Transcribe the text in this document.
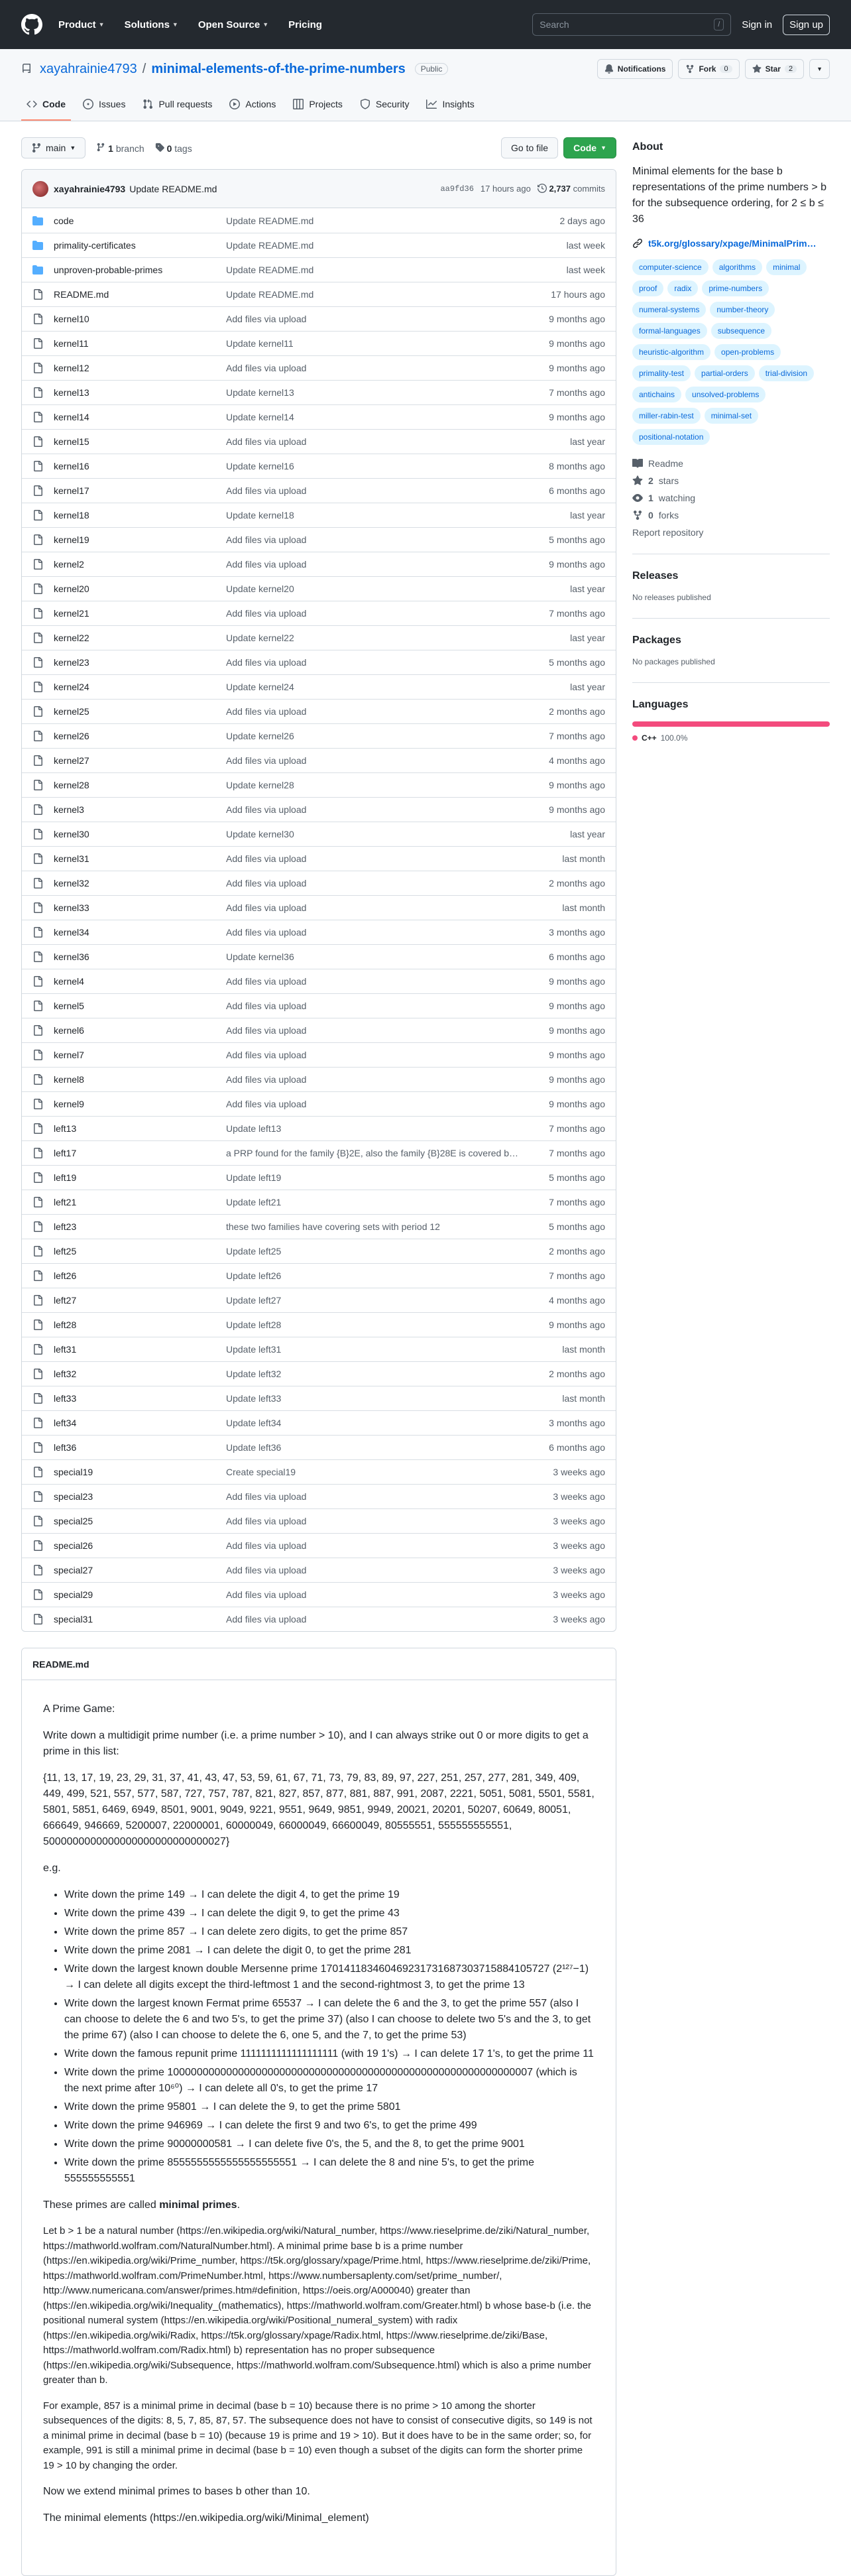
Product ▼ Solutions ▼ Open Source ▼ Pricing	Search	/	Sign in	Sign up
xayahrainie4793 / minimal-elements-of-the-prime-numbers	Public	Notifications	Fork	0	Star	2	▼
Code	Issues	Pull requests	Actions	Projects	Security	Insights
main ▼	1 branch	0 tags	Go to file	Code ▼
xayahrainie4793 Update README.md	aa9fd36 17 hours ago	2,737 commits
code	Update README.md	2 days ago
primality-certificates	Update README.md	last week
unproven-probable-primes	Update README.md	last week
README.md	Update README.md	17 hours ago
kernel10	Add files via upload	9 months ago
kernel11	Update kernel11	9 months ago
kernel12	Add files via upload	9 months ago
kernel13	Update kernel13	7 months ago
kernel14	Update kernel14	9 months ago
kernel15	Add files via upload	last year
kernel16	Update kernel16	8 months ago
kernel17	Add files via upload	6 months ago
kernel18	Update kernel18	last year
kernel19	Add files via upload	5 months ago
kernel2	Add files via upload	9 months ago
kernel20	Update kernel20	last year
kernel21	Add files via upload	7 months ago
kernel22	Update kernel22	last year
kernel23	Add files via upload	5 months ago
kernel24	Update kernel24	last year
kernel25	Add files via upload	2 months ago
kernel26	Update kernel26	7 months ago
kernel27	Add files via upload	4 months ago
kernel28	Update kernel28	9 months ago
kernel3	Add files via upload	9 months ago
kernel30	Update kernel30	last year
kernel31	Add files via upload	last month
kernel32	Add files via upload	2 months ago
kernel33	Add files via upload	last month
kernel34	Add files via upload	3 months ago
kernel36	Update kernel36	6 months ago
kernel4	Add files via upload	9 months ago
kernel5	Add files via upload	9 months ago
kernel6	Add files via upload	9 months ago
kernel7	Add files via upload	9 months ago
kernel8	Add files via upload	9 months ago
kernel9	Add files via upload	9 months ago
left13	Update left13	7 months ago
left17	a PRP found for the family {B}2E, also the family {B}28E is covered b…	7 months ago
left19	Update left19	5 months ago
left21	Update left21	7 months ago
left23	these two families have covering sets with period 12	5 months ago
left25	Update left25	2 months ago
left26	Update left26	7 months ago
left27	Update left27	4 months ago
left28	Update left28	9 months ago
left31	Update left31	last month
left32	Update left32	2 months ago
left33	Update left33	last month
left34	Update left34	3 months ago
left36	Update left36	6 months ago
special19	Create special19	3 weeks ago
special23	Add files via upload	3 weeks ago
special25	Add files via upload	3 weeks ago
special26	Add files via upload	3 weeks ago
special27	Add files via upload	3 weeks ago
special29	Add files via upload	3 weeks ago
special31	Add files via upload	3 weeks ago
README.md

A Prime Game:

Write down a multidigit prime number (i.e. a prime number > 10), and I can always strike out 0 or more digits to get a prime in this list:

{11, 13, 17, 19, 23, 29, 31, 37, 41, 43, 47, 53, 59, 61, 67, 71, 73, 79, 83, 89, 97, 227, 251, 257, 277, 281, 349, 409, 449, 499, 521, 557, 577, 587, 727, 757, 787, 821, 827, 857, 877, 881, 887, 991, 2087, 2221, 5051, 5081, 5501, 5581, 5801, 5851, 6469, 6949, 8501, 9001, 9049, 9221, 9551, 9649, 9851, 9949, 20021, 20201, 50207, 60649, 80051, 666649, 946669, 5200007, 22000001, 60000049, 66000049, 66600049, 80555551, 555555555551, 5000000000000000000000000000027}

e.g.

• Write down the prime 149 → I can delete the digit 4, to get the prime 19
• Write down the prime 439 → I can delete the digit 9, to get the prime 43
• Write down the prime 857 → I can delete zero digits, to get the prime 857
• Write down the prime 2081 → I can delete the digit 0, to get the prime 281
• Write down the largest known double Mersenne prime 170141183460469231731687303715884105727 (2¹²⁷−1) → I can delete all digits except the third-leftmost 1 and the second-rightmost 3, to get the prime 13
• Write down the largest known Fermat prime 65537 → I can delete the 6 and the 3, to get the prime 557 (also I can choose to delete the 6 and two 5's, to get the prime 37) (also I can choose to delete two 5's and the 3, to get the prime 67) (also I can choose to delete the 6, one 5, and the 7, to get the prime 53)
• Write down the famous repunit prime 1111111111111111111 (with 19 1's) → I can delete 17 1's, to get the prime 11
• Write down the prime 10000000000000000000000000000000000000000000000000000000000007 (which is the next prime after 10⁶⁰) → I can delete all 0's, to get the prime 17
• Write down the prime 95801 → I can delete the 9, to get the prime 5801
• Write down the prime 946969 → I can delete the first 9 and two 6's, to get the prime 499
• Write down the prime 90000000581 → I can delete five 0's, the 5, and the 8, to get the prime 9001
• Write down the prime 8555555555555555555551 → I can delete the 8 and nine 5's, to get the prime 555555555551

These primes are called minimal primes.

Let b > 1 be a natural number (https://en.wikipedia.org/wiki/Natural_number, https://www.rieselprime.de/ziki/Natural_number, https://mathworld.wolfram.com/NaturalNumber.html). A minimal prime base b is a prime number (https://en.wikipedia.org/wiki/Prime_number, https://t5k.org/glossary/xpage/Prime.html, https://www.rieselprime.de/ziki/Prime, https://mathworld.wolfram.com/PrimeNumber.html, https://www.numbersaplenty.com/set/prime_number/, http://www.numericana.com/answer/primes.htm#definition, https://oeis.org/A000040) greater than (https://en.wikipedia.org/wiki/Inequality_(mathematics), https://mathworld.wolfram.com/Greater.html) b whose base-b (i.e. the positional numeral system (https://en.wikipedia.org/wiki/Positional_numeral_system) with radix (https://en.wikipedia.org/wiki/Radix, https://t5k.org/glossary/xpage/Radix.html, https://www.rieselprime.de/ziki/Base, https://mathworld.wolfram.com/Radix.html) b) representation has no proper subsequence (https://en.wikipedia.org/wiki/Subsequence, https://mathworld.wolfram.com/Subsequence.html) which is also a prime number greater than b.

For example, 857 is a minimal prime in decimal (base b = 10) because there is no prime > 10 among the shorter subsequences of the digits: 8, 5, 7, 85, 87, 57. The subsequence does not have to consist of consecutive digits, so 149 is not a minimal prime in decimal (base b = 10) (because 19 is prime and 19 > 10). But it does have to be in the same order; so, for example, 991 is still a minimal prime in decimal (base b = 10) even though a subset of the digits can form the shorter prime 19 > 10 by changing the order.

Now we extend minimal primes to bases b other than 10.

The minimal elements (https://en.wikipedia.org/wiki/Minimal_element)

About

Minimal elements for the base b representations of the prime numbers > b for the subsequence ordering, for 2 ≤ b ≤ 36

t5k.org/glossary/xpage/MinimalPrim…
computer-science	algorithms	minimal
proof	radix	prime-numbers
numeral-systems	number-theory
formal-languages	subsequence
heuristic-algorithm	open-problems
primality-test	partial-orders	trial-division
antichains	unsolved-problems
miller-rabin-test	minimal-set
positional-notation
Readme
2 stars
1 watching
0 forks
Report repository
Releases
No releases published
Packages
No packages published
Languages
C++ 100.0%
